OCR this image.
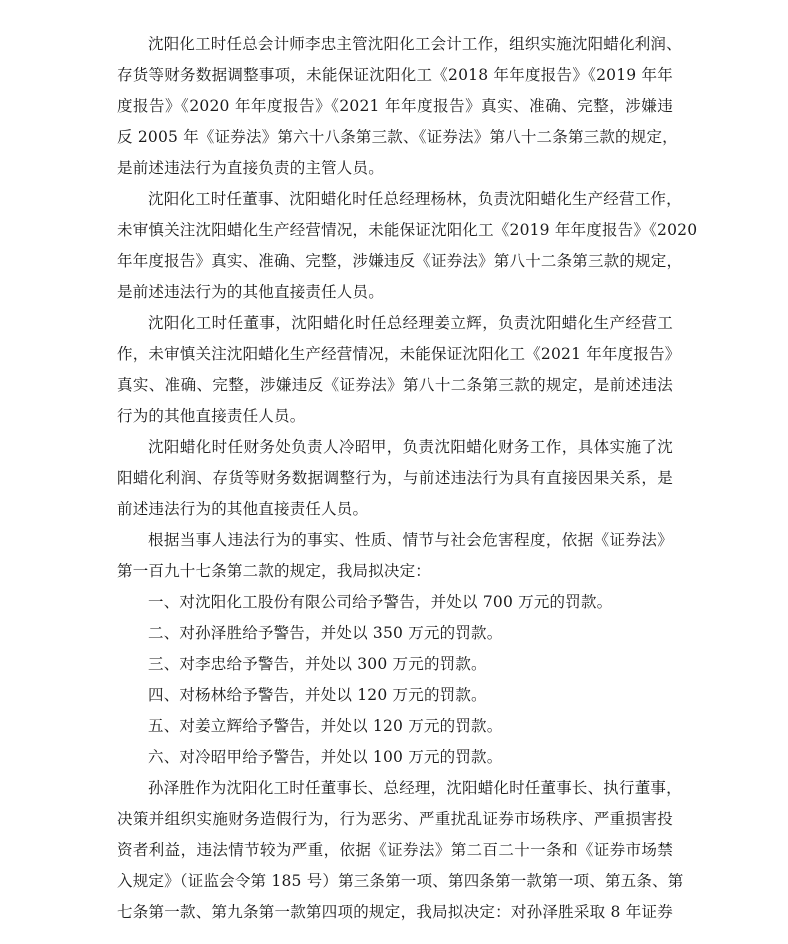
沈阳化工时任总会计师李忠主管沈阳化工会计工作，组织实施沈阳蜡化利润、
存货等财务数据调整事项，未能保证沈阳化工《2018 年年度报告》《2019 年年
度报告》《2020 年年度报告》《2021 年年度报告》真实、准确、完整，涉嫌违
反 2005 年《证券法》第六十八条第三款、《证券法》第八十二条第三款的规定，
是前述违法行为直接负责的主管人员。
沈阳化工时任董事、沈阳蜡化时任总经理杨林，负责沈阳蜡化生产经营工作，
未审慎关注沈阳蜡化生产经营情况，未能保证沈阳化工《2019 年年度报告》《2020
年年度报告》真实、准确、完整，涉嫌违反《证券法》第八十二条第三款的规定，
是前述违法行为的其他直接责任人员。
沈阳化工时任董事，沈阳蜡化时任总经理姜立辉，负责沈阳蜡化生产经营工
作，未审慎关注沈阳蜡化生产经营情况，未能保证沈阳化工《2021 年年度报告》
真实、准确、完整，涉嫌违反《证券法》第八十二条第三款的规定，是前述违法
行为的其他直接责任人员。
沈阳蜡化时任财务处负责人冷昭甲，负责沈阳蜡化财务工作，具体实施了沈
阳蜡化利润、存货等财务数据调整行为，与前述违法行为具有直接因果关系，是
前述违法行为的其他直接责任人员。
根据当事人违法行为的事实、性质、情节与社会危害程度，依据《证券法》
第一百九十七条第二款的规定，我局拟决定：
一、对沈阳化工股份有限公司给予警告，并处以 700 万元的罚款。
二、对孙泽胜给予警告，并处以 350 万元的罚款。
三、对李忠给予警告，并处以 300 万元的罚款。
四、对杨林给予警告，并处以 120 万元的罚款。
五、对姜立辉给予警告，并处以 120 万元的罚款。
六、对冷昭甲给予警告，并处以 100 万元的罚款。
孙泽胜作为沈阳化工时任董事长、总经理，沈阳蜡化时任董事长、执行董事，
决策并组织实施财务造假行为，行为恶劣、严重扰乱证券市场秩序、严重损害投
资者利益，违法情节较为严重，依据《证券法》第二百二十一条和《证券市场禁
入规定》（证监会令第 185 号）第三条第一项、第四条第一款第一项、第五条、第
七条第一款、第九条第一款第四项的规定，我局拟决定：对孙泽胜采取 8 年证券
